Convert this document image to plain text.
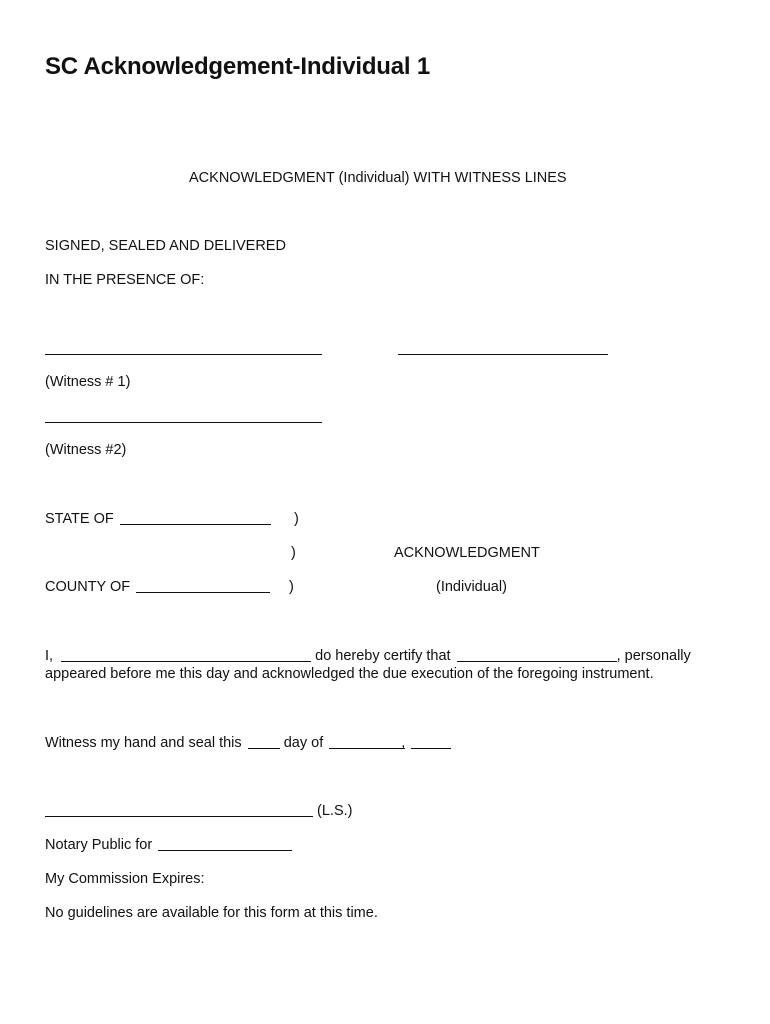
SC Acknowledgement-Individual 1
ACKNOWLEDGMENT (Individual) WITH WITNESS LINES
SIGNED, SEALED AND DELIVERED
IN THE PRESENCE OF:
(Witness # 1)
(Witness #2)
STATE OF	)
)	ACKNOWLEDGMENT
COUNTY OF	)	(Individual)
I,	do hereby certify that	, personally
appeared before me this day and acknowledged the due execution of the foregoing instrument.
Witness my hand and seal this	day of	,
(L.S.)
Notary Public for
My Commission Expires:
No guidelines are available for this form at this time.
